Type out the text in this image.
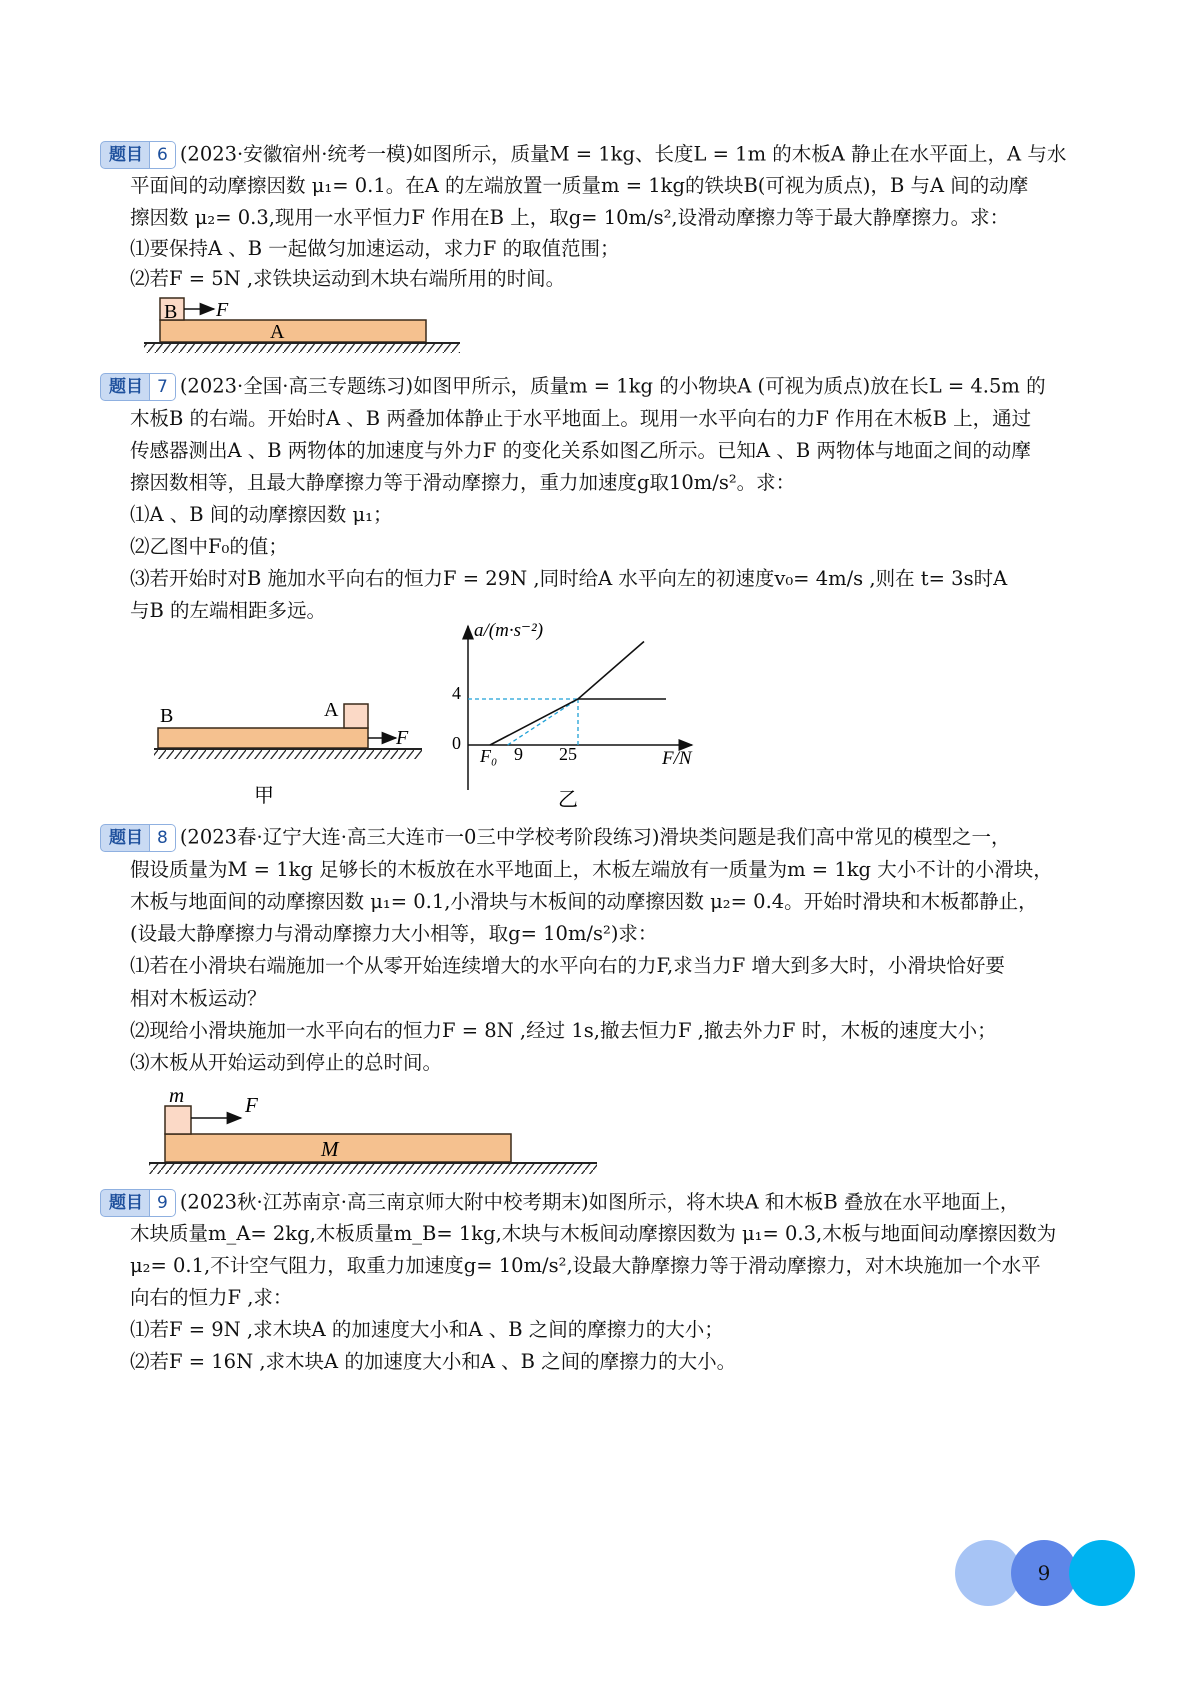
题目 6 (2023·安徽宿州·统考一模)如图所示，质量M = 1kg、长度L = 1m 的木板A 静止在水平面上，A 与水
平面间的动摩擦因数 μ₁= 0.1。在A 的左端放置一质量m = 1kg的铁块B(可视为质点)，B 与A 间的动摩
擦因数 μ₂= 0.3,现用一水平恒力F 作用在B 上，取g= 10m/s²,设滑动摩擦力等于最大静摩擦力。求：
⑴要保持A 、B 一起做匀加速运动，求力F 的取值范围；
⑵若F = 5N ,求铁块运动到木块右端所用的时间。
B F
A
题目 7 (2023·全国·高三专题练习)如图甲所示，质量m = 1kg 的小物块A (可视为质点)放在长L = 4.5m 的
木板B 的右端。开始时A 、B 两叠加体静止于水平地面上。现用一水平向右的力F 作用在木板B 上，通过
传感器测出A 、B 两物体的加速度与外力F 的变化关系如图乙所示。已知A 、B 两物体与地面之间的动摩
擦因数相等，且最大静摩擦力等于滑动摩擦力，重力加速度g取10m/s²。求：
⑴A 、B 间的动摩擦因数 μ₁；
⑵乙图中F₀的值；
⑶若开始时对B 施加水平向右的恒力F = 29N ,同时给A 水平向左的初速度v₀= 4m/s ,则在 t= 3s时A
与B 的左端相距多远。
B	A
F
甲
a/(m·s⁻²)
F/N
0
F₀ 9 25
4
乙
题目 8 (2023春·辽宁大连·高三大连市一0三中学校考阶段练习)滑块类问题是我们高中常见的模型之一，
假设质量为M = 1kg 足够长的木板放在水平地面上，木板左端放有一质量为m = 1kg 大小不计的小滑块，
木板与地面间的动摩擦因数 μ₁= 0.1,小滑块与木板间的动摩擦因数 μ₂= 0.4。开始时滑块和木板都静止，
(设最大静摩擦力与滑动摩擦力大小相等，取g= 10m/s²)求：
⑴若在小滑块右端施加一个从零开始连续增大的水平向右的力F,求当力F 增大到多大时，小滑块恰好要
相对木板运动？
⑵现给小滑块施加一水平向右的恒力F = 8N ,经过 1s,撤去恒力F ,撤去外力F 时，木板的速度大小；
⑶木板从开始运动到停止的总时间。
m	F
M
题目 9 (2023秋·江苏南京·高三南京师大附中校考期末)如图所示，将木块A 和木板B 叠放在水平地面上，
木块质量m_A= 2kg,木板质量m_B= 1kg,木块与木板间动摩擦因数为 μ₁= 0.3,木板与地面间动摩擦因数为
μ₂= 0.1,不计空气阻力，取重力加速度g= 10m/s²,设最大静摩擦力等于滑动摩擦力，对木块施加一个水平
向右的恒力F ,求：
⑴若F = 9N ,求木块A 的加速度大小和A 、B 之间的摩擦力的大小；
⑵若F = 16N ,求木块A 的加速度大小和A 、B 之间的摩擦力的大小。
9
